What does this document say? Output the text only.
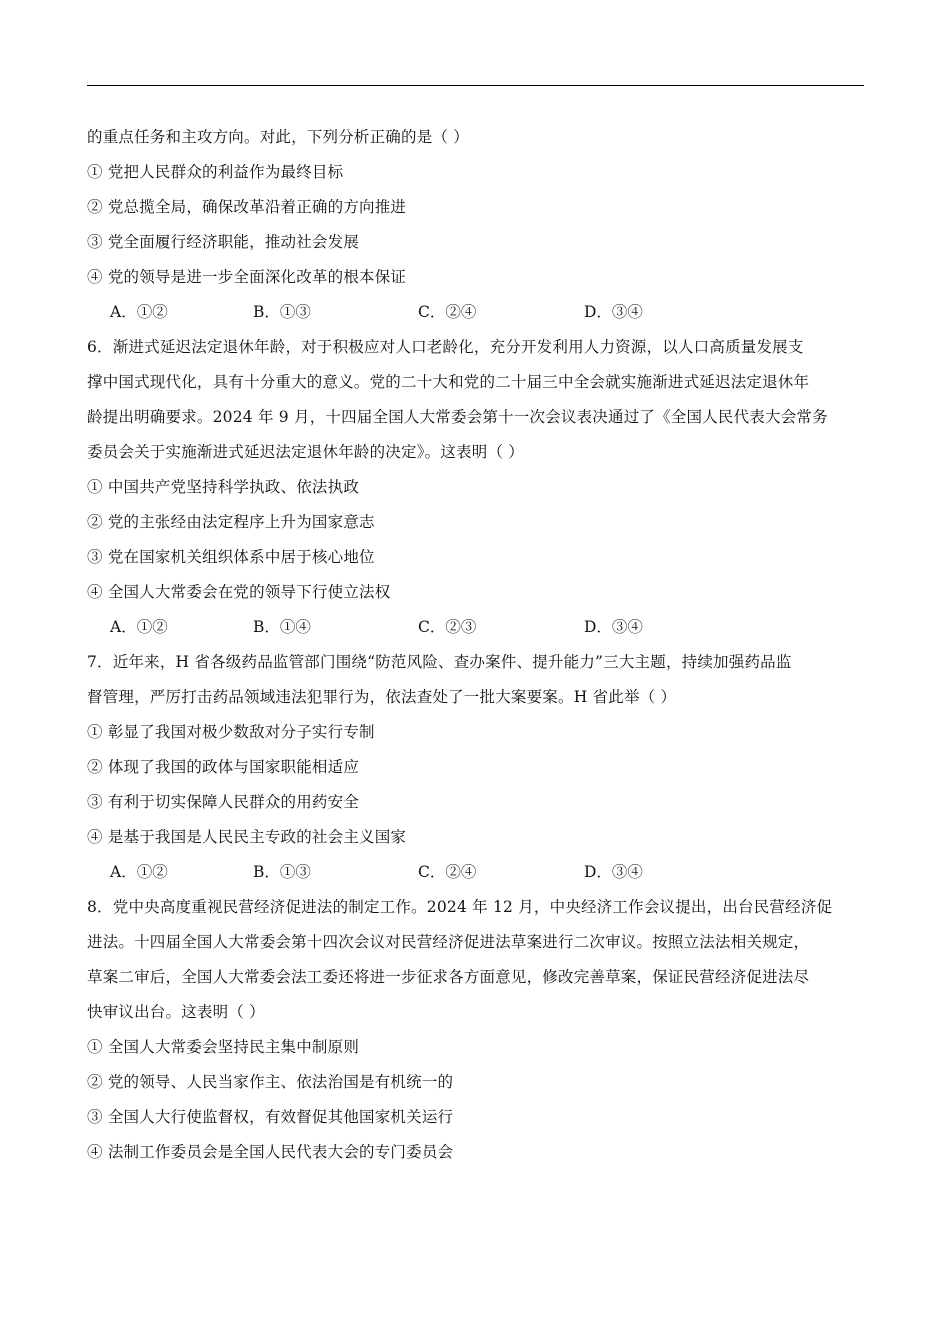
的重点任务和主攻方向。对此，下列分析正确的是（ ）
① 党把人民群众的利益作为最终目标
② 党总揽全局，确保改革沿着正确的方向推进
③ 党全面履行经济职能，推动社会发展
④ 党的领导是进一步全面深化改革的根本保证
A．①②	B．①③	C．②④	D．③④
6．渐进式延迟法定退休年龄，对于积极应对人口老龄化，充分开发利用人力资源，以人口高质量发展支
撑中国式现代化，具有十分重大的意义。党的二十大和党的二十届三中全会就实施渐进式延迟法定退休年
龄提出明确要求。2024 年 9 月，十四届全国人大常委会第十一次会议表决通过了《全国人民代表大会常务
委员会关于实施渐进式延迟法定退休年龄的决定》。这表明（ ）
① 中国共产党坚持科学执政、依法执政
② 党的主张经由法定程序上升为国家意志
③ 党在国家机关组织体系中居于核心地位
④ 全国人大常委会在党的领导下行使立法权
A．①②	B．①④	C．②③	D．③④
7．近年来，H 省各级药品监管部门围绕“防范风险、查办案件、提升能力”三大主题，持续加强药品监
督管理，严厉打击药品领域违法犯罪行为，依法查处了一批大案要案。H 省此举（ ）
① 彰显了我国对极少数敌对分子实行专制
② 体现了我国的政体与国家职能相适应
③ 有利于切实保障人民群众的用药安全
④ 是基于我国是人民民主专政的社会主义国家
A．①②	B．①③	C．②④	D．③④
8．党中央高度重视民营经济促进法的制定工作。2024 年 12 月，中央经济工作会议提出，出台民营经济促
进法。十四届全国人大常委会第十四次会议对民营经济促进法草案进行二次审议。按照立法法相关规定，
草案二审后，全国人大常委会法工委还将进一步征求各方面意见，修改完善草案，保证民营经济促进法尽
快审议出台。这表明（ ）
① 全国人大常委会坚持民主集中制原则
② 党的领导、人民当家作主、依法治国是有机统一的
③ 全国人大行使监督权，有效督促其他国家机关运行
④ 法制工作委员会是全国人民代表大会的专门委员会
